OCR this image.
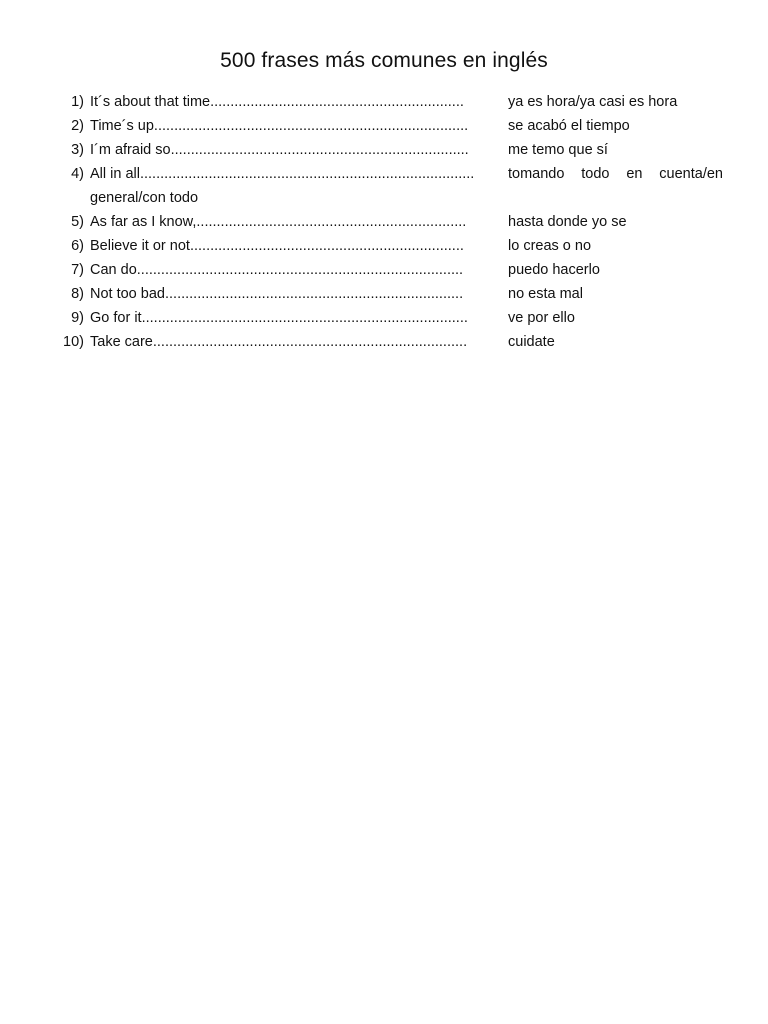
500 frases más comunes en inglés
1) It´s about that time...............................................................	ya es hora/ya casi es hora
2) Time´s up..............................................................................	se acabó el tiempo
3) I´m afraid so..........................................................................	me temo que sí
4) All in all...................................................................................	tomando todo en cuenta/en
general/con todo
5) As far as I know,...................................................................	hasta donde yo se
6) Believe it or not....................................................................	lo creas o no
7) Can do.................................................................................	puedo hacerlo
8) Not too bad..........................................................................	no esta mal
9) Go for it.................................................................................	ve por ello
10) Take care..............................................................................	cuidate
